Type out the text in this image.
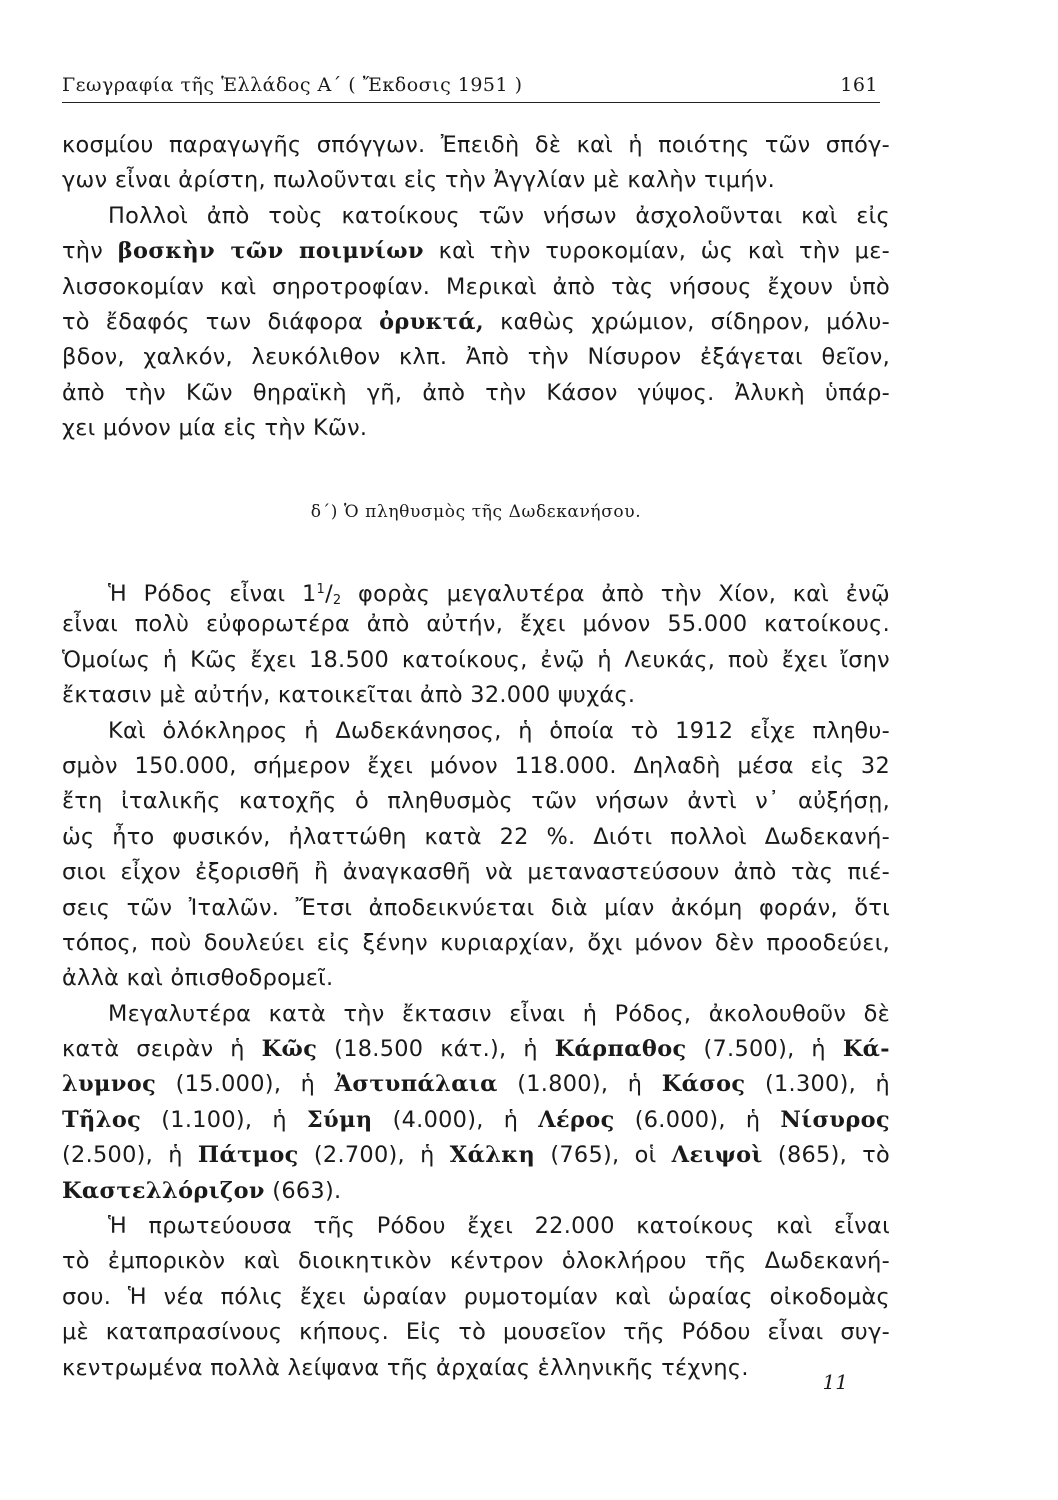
Γεωγραφία τῆς Ἑλλάδος Α΄ ( Ἔκδοσις 1951 )	161
κοσμίου παραγωγῆς σπόγγων. Ἐπειδὴ δὲ καὶ ἡ ποιότης τῶν σπόγ-
γων εἶναι ἀρίστη, πωλοῦνται εἰς τὴν Ἀγγλίαν μὲ καλὴν τιμήν.
Πολλοὶ ἀπὸ τοὺς κατοίκους τῶν νήσων ἀσχολοῦνται καὶ εἰς
τὴν βοσκὴν τῶν ποιμνίων καὶ τὴν τυροκομίαν, ὡς καὶ τὴν με-
λισσοκομίαν καὶ σηροτροφίαν. Μερικαὶ ἀπὸ τὰς νήσους ἔχουν ὑπὸ
τὸ ἔδαφός των διάφορα ὀρυκτά, καθὼς χρώμιον, σίδηρον, μόλυ-
βδον, χαλκόν, λευκόλιθον κλπ. Ἀπὸ τὴν Νίσυρον ἐξάγεται θεῖον,
ἀπὸ τὴν Κῶν θηραϊκὴ γῆ, ἀπὸ τὴν Κάσον γύψος. Ἀλυκὴ ὑπάρ-
χει μόνον μία εἰς τὴν Κῶν.
δ΄) Ὁ πληθυσμὸς τῆς Δωδεκανήσου.
Ἡ Ρόδος εἶναι $1^1/_2$ φορὰς μεγαλυτέρα ἀπὸ τὴν Χίον, καὶ ἐνῷ
εἶναι πολὺ εὐφορωτέρα ἀπὸ αὐτήν, ἔχει μόνον 55.000 κατοίκους.
Ὁμοίως ἡ Κῶς ἔχει 18.500 κατοίκους, ἐνῷ ἡ Λευκάς, ποὺ ἔχει ἴσην
ἔκτασιν μὲ αὐτήν, κατοικεῖται ἀπὸ 32.000 ψυχάς.
Καὶ ὁλόκληρος ἡ Δωδεκάνησος, ἡ ὁποία τὸ 1912 εἶχε πληθυ-
σμὸν 150.000, σήμερον ἔχει μόνον 118.000. Δηλαδὴ μέσα εἰς 32
ἔτη ἰταλικῆς κατοχῆς ὁ πληθυσμὸς τῶν νήσων ἀντὶ ν᾿ αὐξήσῃ,
ὡς ἦτο φυσικόν, ἠλαττώθη κατὰ 22 %. Διότι πολλοὶ Δωδεκανή-
σιοι εἶχον ἐξορισθῆ ἢ ἀναγκασθῆ νὰ μεταναστεύσουν ἀπὸ τὰς πιέ-
σεις τῶν Ἰταλῶν. Ἔτσι ἀποδεικνύεται διὰ μίαν ἀκόμη φοράν, ὅτι
τόπος, ποὺ δουλεύει εἰς ξένην κυριαρχίαν, ὄχι μόνον δὲν προοδεύει,
ἀλλὰ καὶ ὀπισθοδρομεῖ.
Μεγαλυτέρα κατὰ τὴν ἔκτασιν εἶναι ἡ Ρόδος, ἀκολουθοῦν δὲ
κατὰ σειρὰν ἡ Κῶς (18.500 κάτ.), ἡ Κάρπαθος (7.500), ἡ Κά-
λυμνος (15.000), ἡ Ἀστυπάλαια (1.800), ἡ Κάσος (1.300), ἡ
Τῆλος (1.100), ἡ Σύμη (4.000), ἡ Λέρος (6.000), ἡ Νίσυρος
(2.500), ἡ Πάτμος (2.700), ἡ Χάλκη (765), οἱ Λειψοὶ (865), τὸ
Καστελλόριζον (663).
Ἡ πρωτεύουσα τῆς Ρόδου ἔχει 22.000 κατοίκους καὶ εἶναι
τὸ ἐμπορικὸν καὶ διοικητικὸν κέντρον ὁλοκλήρου τῆς Δωδεκανή-
σου. Ἡ νέα πόλις ἔχει ὡραίαν ρυμοτομίαν καὶ ὡραίας οἰκοδομὰς
μὲ καταπρασίνους κήπους. Εἰς τὸ μουσεῖον τῆς Ρόδου εἶναι συγ-
κεντρωμένα πολλὰ λείψανα τῆς ἀρχαίας ἑλληνικῆς τέχνης.
11
